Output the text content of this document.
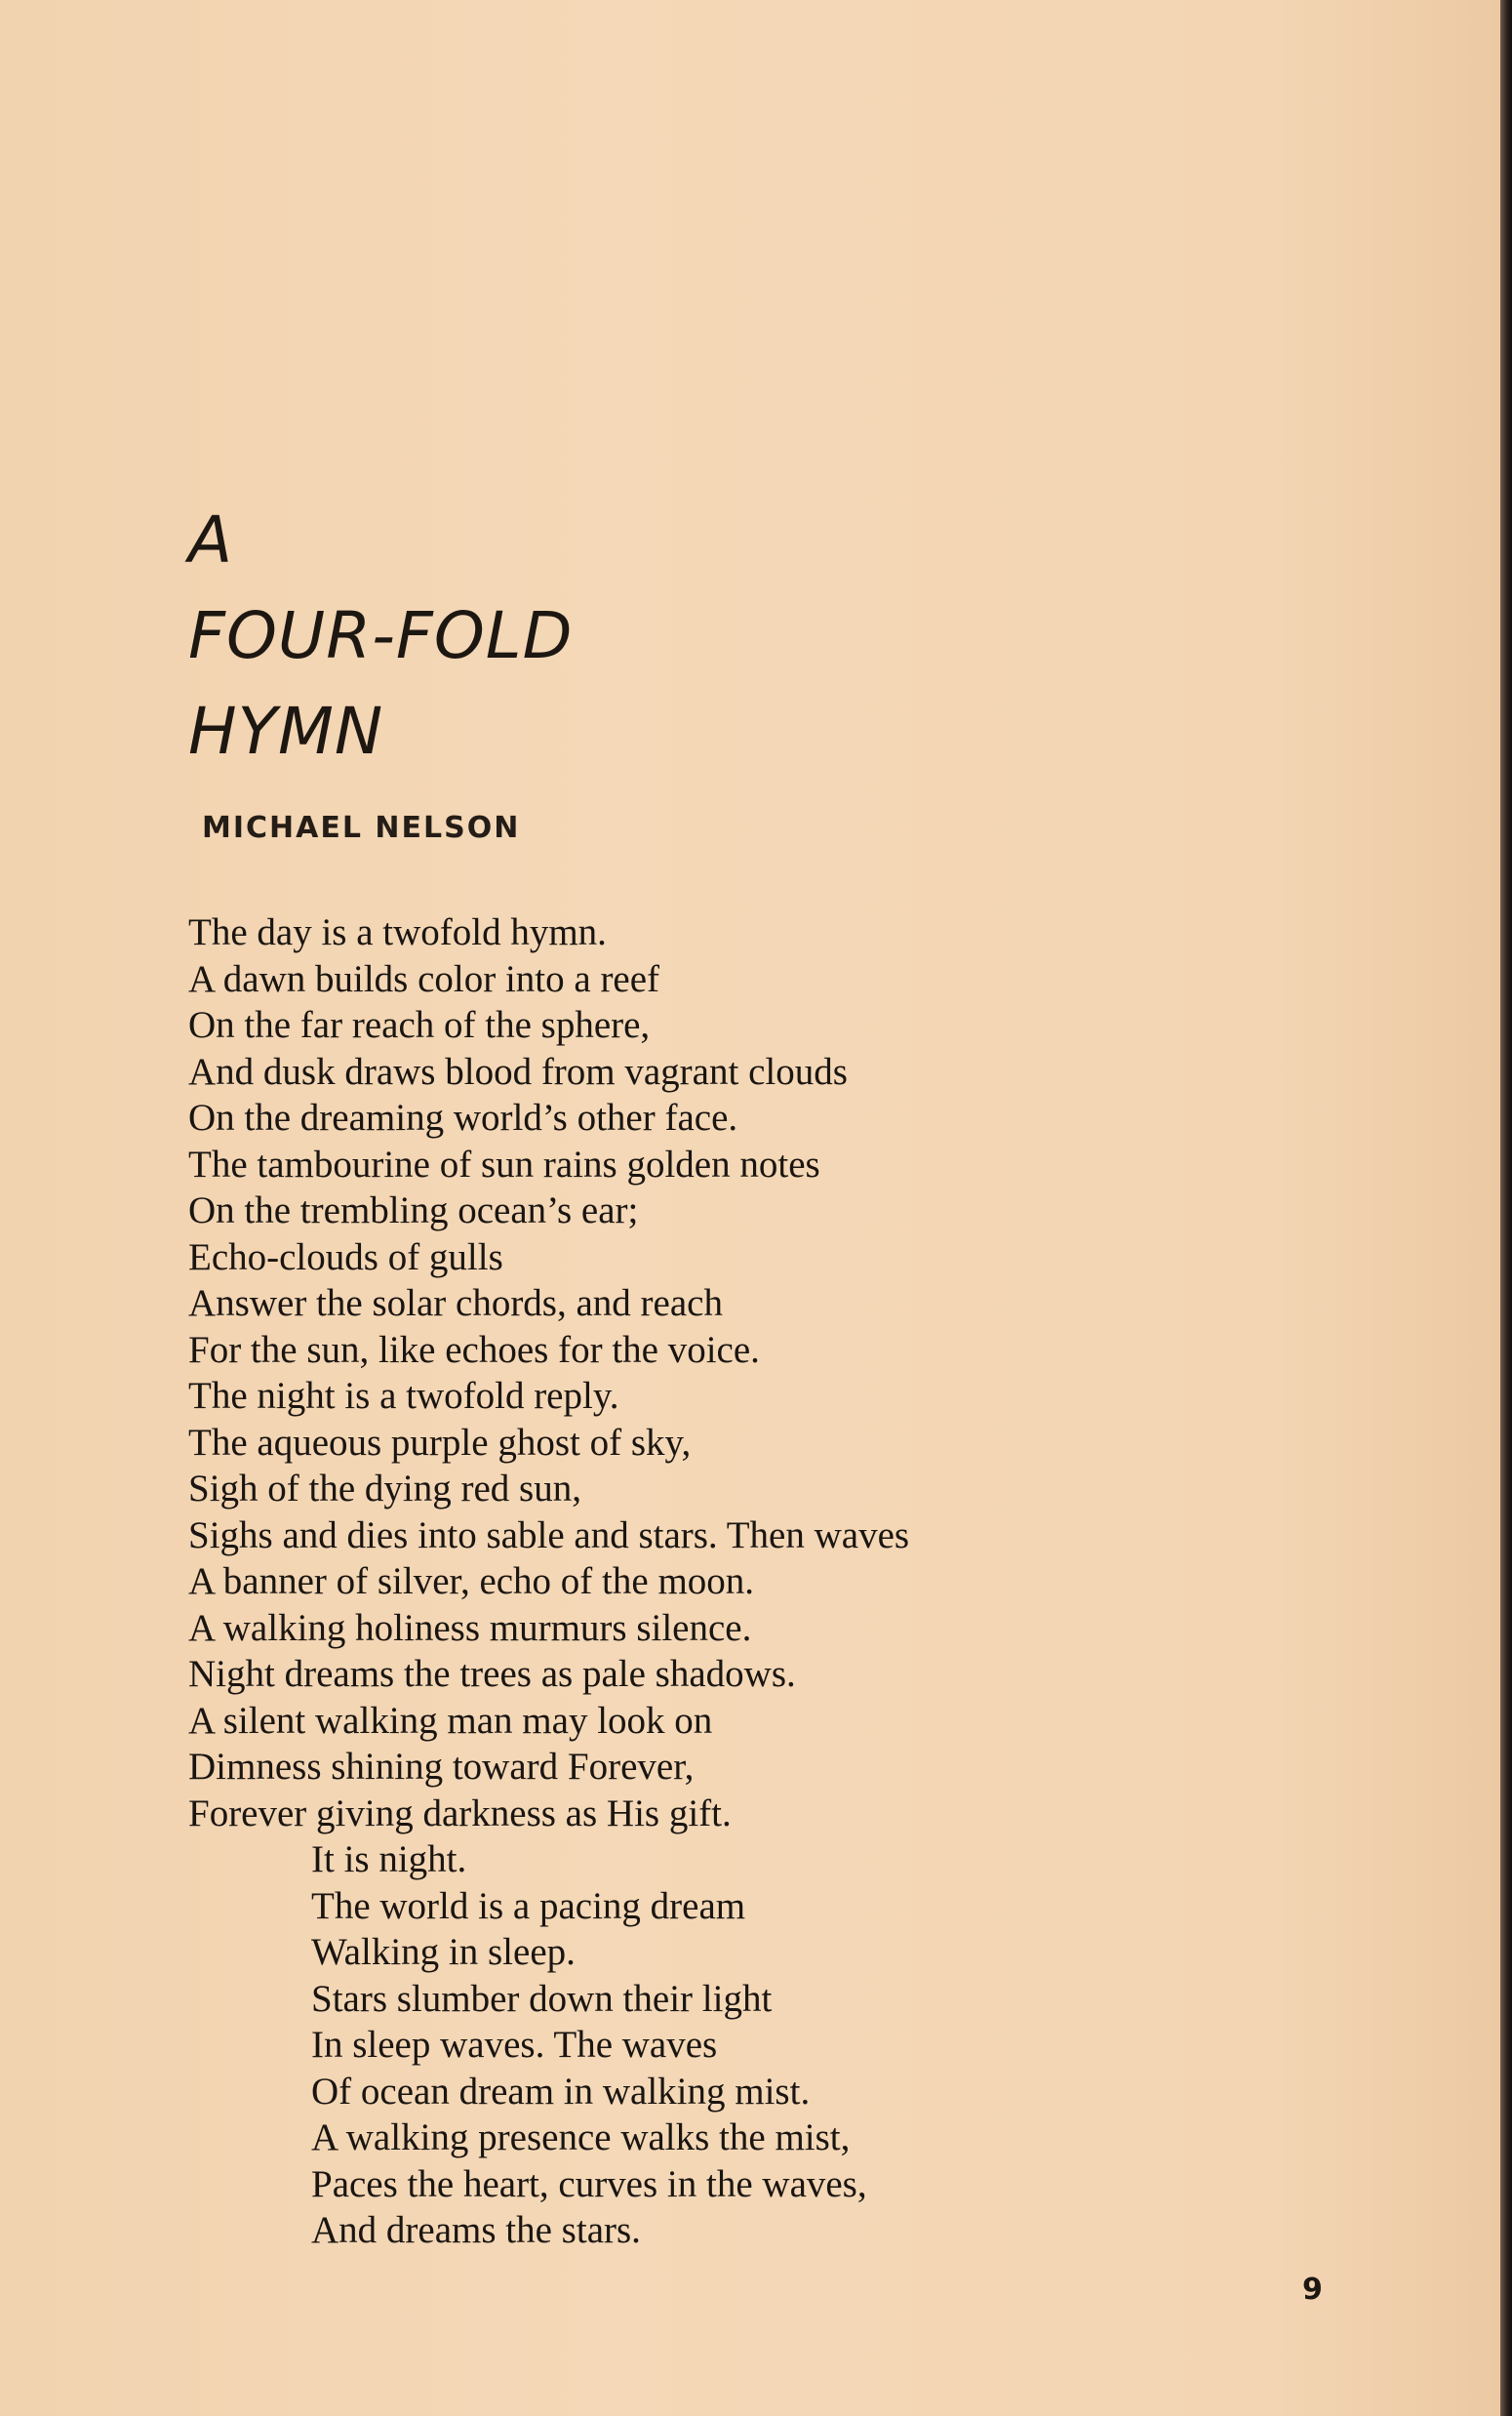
A
FOUR-FOLD
HYMN
MICHAEL NELSON
The day is a twofold hymn.
A dawn builds color into a reef
On the far reach of the sphere,
And dusk draws blood from vagrant clouds
On the dreaming world’s other face.
The tambourine of sun rains golden notes
On the trembling ocean’s ear;
Echo-clouds of gulls
Answer the solar chords, and reach
For the sun, like echoes for the voice.
The night is a twofold reply.
The aqueous purple ghost of sky,
Sigh of the dying red sun,
Sighs and dies into sable and stars. Then waves
A banner of silver, echo of the moon.
A walking holiness murmurs silence.
Night dreams the trees as pale shadows.
A silent walking man may look on
Dimness shining toward Forever,
Forever giving darkness as His gift.
It is night.
The world is a pacing dream
Walking in sleep.
Stars slumber down their light
In sleep waves. The waves
Of ocean dream in walking mist.
A walking presence walks the mist,
Paces the heart, curves in the waves,
And dreams the stars.
9
